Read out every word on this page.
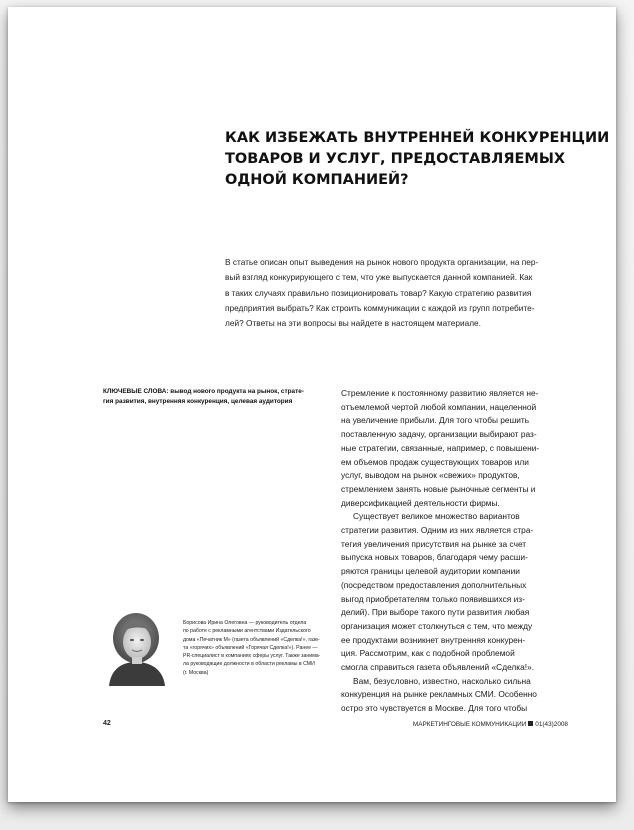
КАК ИЗБЕЖАТЬ ВНУТРЕННЕЙ КОНКУРЕНЦИИ
ТОВАРОВ И УСЛУГ, ПРЕДОСТАВЛЯЕМЫХ
ОДНОЙ КОМПАНИЕЙ?

В статье описан опыт выведения на рынок нового продукта организации, на пер-
вый взгляд конкурирующего с тем, что уже выпускается данной компанией. Как
в таких случаях правильно позиционировать товар? Какую стратегию развития
предприятия выбрать? Как строить коммуникации с каждой из групп потребите-
лей? Ответы на эти вопросы вы найдете в настоящем материале.

КЛЮЧЕВЫЕ СЛОВА: вывод нового продукта на рынок, страте-
гия развития, внутренняя конкуренция, целевая аудитория
Стремление к постоянному развитию является не-
отъемлемой чертой любой компании, нацеленной
на увеличение прибыли. Для того чтобы решить
поставленную задачу, организации выбирают раз-
ные стратегии, связанные, например, с повышени-
ем объемов продаж существующих товаров или
услуг, выводом на рынок «свежих» продуктов,
стремлением занять новые рыночные сегменты и
диверсификацией деятельности фирмы.
Существует великое множество вариантов
стратегии развития. Одним из них является стра-
тегия увеличения присутствия на рынке за счет
выпуска новых товаров, благодаря чему расши-
ряются границы целевой аудитории компании
(посредством предоставления дополнительных
выгод приобретателям только появившихся из-
делий). При выборе такого пути развития любая
организация может столкнуться с тем, что между
ее продуктами возникнет внутренняя конкурен-
ция. Рассмотрим, как с подобной проблемой
смогла справиться газета объявлений «Сделка!».
Вам, безусловно, известно, насколько сильна
конкуренция на рынке рекламных СМИ. Особенно
остро это чувствуется в Москве. Для того чтобы
Борисова Ирина Олеговна — руководитель отдела
по работе с рекламными агентствами Издательского
дома «Печатник М» (газета объявлений «Сделка!», газе-
та «горячих» объявлений «Горячая Сделка!»). Ранее —
PR-специалист в компаниях сферы услуг. Также занима-
ла руководящие должности в области рекламы в СМИ
(г. Москва)
42	МАРКЕТИНГОВЫЕ КОММУНИКАЦИИ 01(43)2008
